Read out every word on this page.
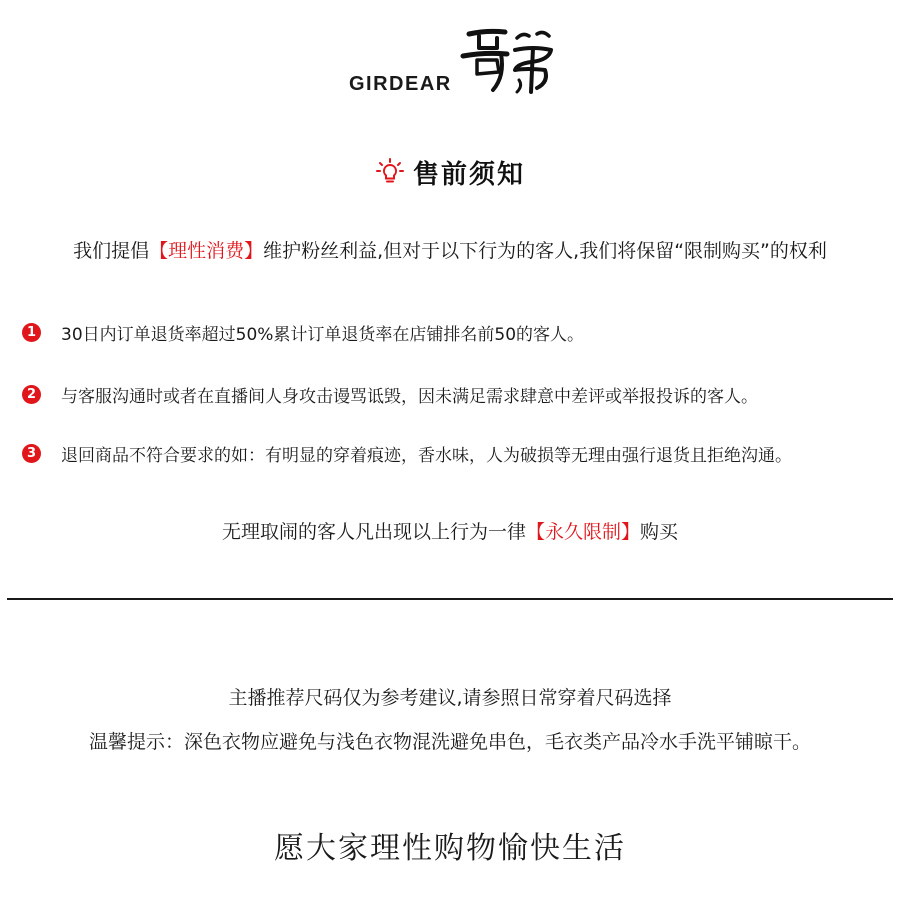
GIRDEAR
售前须知
我们提倡【理性消费】维护粉丝利益,但对于以下行为的客人,我们将保留“限制购买”的权利
1 30日内订单退货率超过50%累计订单退货率在店铺排名前50的客人。
2 与客服沟通时或者在直播间人身攻击谩骂诋毁，因未满足需求肆意中差评或举报投诉的客人。
3 退回商品不符合要求的如：有明显的穿着痕迹，香水味，人为破损等无理由强行退货且拒绝沟通。
无理取闹的客人凡出现以上行为一律【永久限制】购买
主播推荐尺码仅为参考建议,请参照日常穿着尺码选择
温馨提示：深色衣物应避免与浅色衣物混洗避免串色，毛衣类产品冷水手洗平铺晾干。
愿大家理性购物愉快生活
